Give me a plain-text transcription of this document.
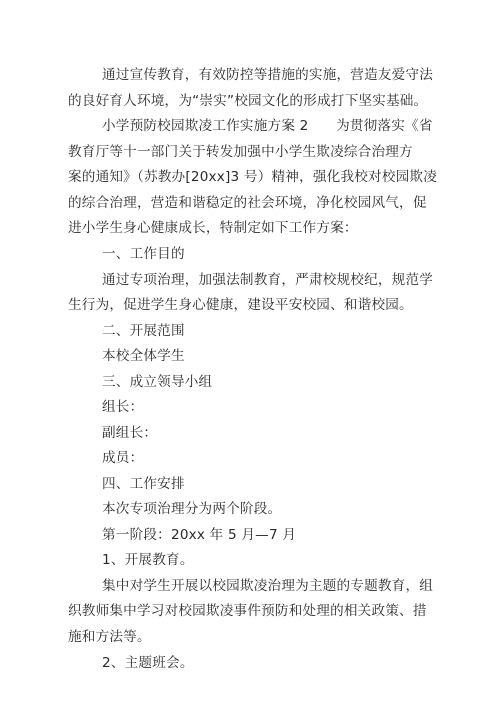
通过宣传教育，有效防控等措施的实施，营造友爱守法
的良好育人环境，为“崇实”校园文化的形成打下坚实基础。
小学预防校园欺凌工作实施方案 2　　为贯彻落实《省
教育厅等十一部门关于转发加强中小学生欺凌综合治理方
案的通知》（苏教办[20xx]3 号）精神，强化我校对校园欺凌
的综合治理，营造和谐稳定的社会环境，净化校园风气，促
进小学生身心健康成长，特制定如下工作方案：
一、工作目的
通过专项治理，加强法制教育，严肃校规校纪，规范学
生行为，促进学生身心健康，建设平安校园、和谐校园。
二、开展范围
本校全体学生
三、成立领导小组
组长：
副组长：
成员：
四、工作安排
本次专项治理分为两个阶段。
第一阶段：20xx 年 5 月—7 月
1、开展教育。
集中对学生开展以校园欺凌治理为主题的专题教育，组
织教师集中学习对校园欺凌事件预防和处理的相关政策、措
施和方法等。
2、主题班会。
